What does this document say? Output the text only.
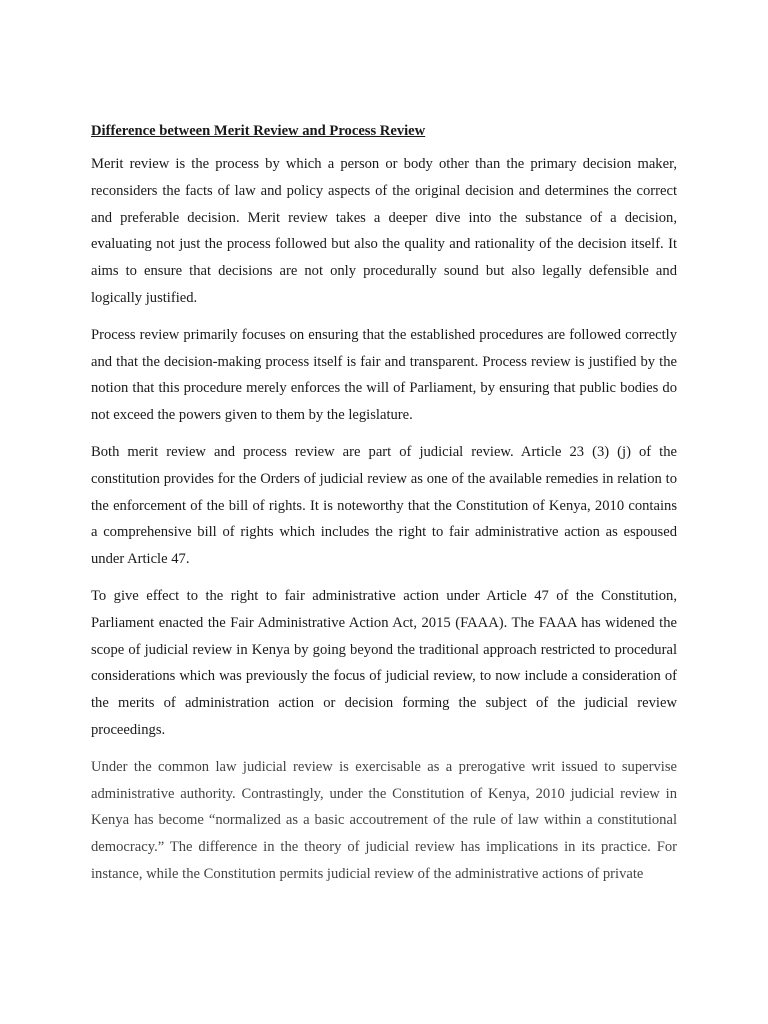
Difference between Merit Review and Process Review

Merit review is the process by which a person or body other than the primary decision maker, reconsiders the facts of law and policy aspects of the original decision and determines the correct and preferable decision. Merit review takes a deeper dive into the substance of a decision, evaluating not just the process followed but also the quality and rationality of the decision itself. It aims to ensure that decisions are not only procedurally sound but also legally defensible and logically justified.

Process review primarily focuses on ensuring that the established procedures are followed correctly and that the decision-making process itself is fair and transparent. Process review is justified by the notion that this procedure merely enforces the will of Parliament, by ensuring that public bodies do not exceed the powers given to them by the legislature.

Both merit review and process review are part of judicial review. Article 23 (3) (j) of the constitution provides for the Orders of judicial review as one of the available remedies in relation to the enforcement of the bill of rights. It is noteworthy that the Constitution of Kenya, 2010 contains a comprehensive bill of rights which includes the right to fair administrative action as espoused under Article 47.

To give effect to the right to fair administrative action under Article 47 of the Constitution, Parliament enacted the Fair Administrative Action Act, 2015 (FAAA). The FAAA has widened the scope of judicial review in Kenya by going beyond the traditional approach restricted to procedural considerations which was previously the focus of judicial review, to now include a consideration of the merits of administration action or decision forming the subject of the judicial review proceedings.

Under the common law judicial review is exercisable as a prerogative writ issued to supervise administrative authority. Contrastingly, under the Constitution of Kenya, 2010 judicial review in Kenya has become “normalized as a basic accoutrement of the rule of law within a constitutional democracy.” The difference in the theory of judicial review has implications in its practice. For instance, while the Constitution permits judicial review of the administrative actions of private
